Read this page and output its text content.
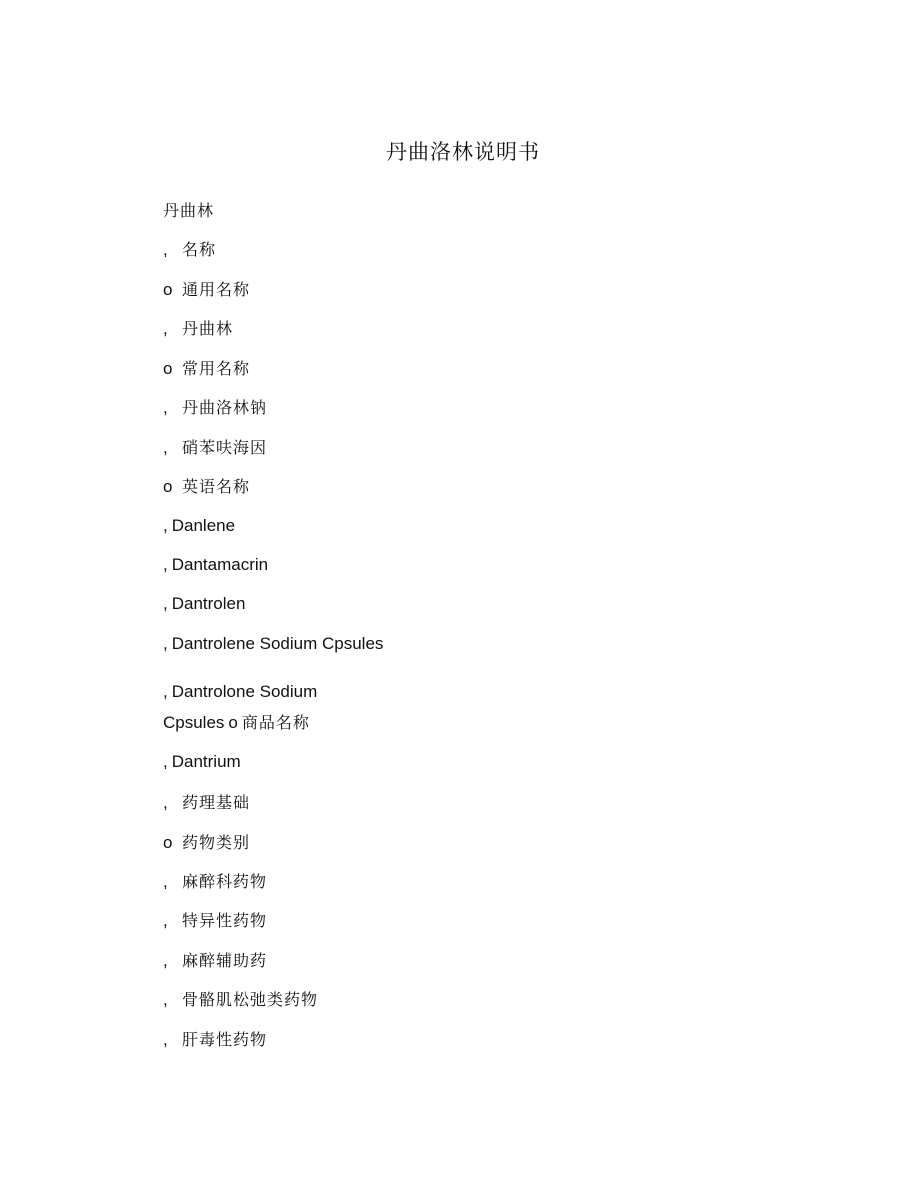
丹曲洛林说明书
丹曲林
, 名称
o 通用名称
, 丹曲林
o 常用名称
, 丹曲洛林钠
, 硝苯呋海因
o 英语名称
, Danlene
, Dantamacrin
, Dantrolen
, Dantrolene Sodium Cpsules
, Dantrolone Sodium
Cpsules o 商品名称
, Dantrium
, 药理基础
o 药物类别
, 麻醉科药物
, 特异性药物
, 麻醉辅助药
, 骨骼肌松弛类药物
, 肝毒性药物
